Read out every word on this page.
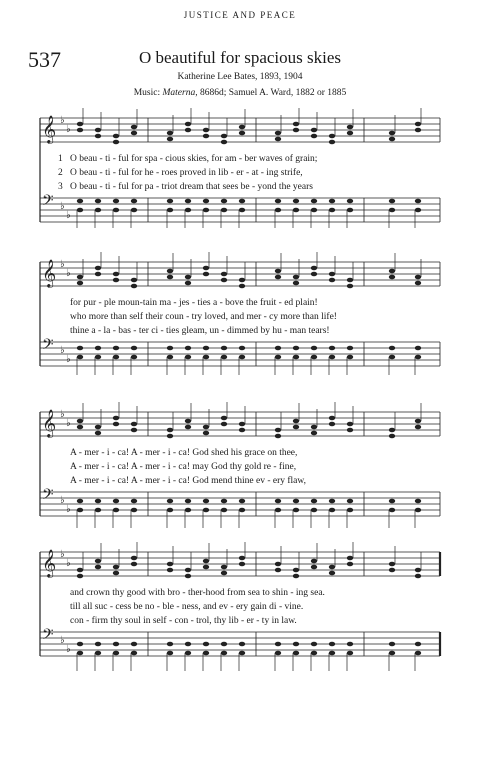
JUSTICE AND PEACE
537	O beautiful for spacious skies
Katherine Lee Bates, 1893, 1904
Music: Materna, 8686d; Samuel A. Ward, 1882 or 1885
𝄞 ♭
♭
𝄢 ♭
♭
1 O beau - ti - ful for spa - cious skies, for am - ber waves of grain;
2 O beau - ti - ful for he - roes proved in lib - er - at - ing strife,
3 O beau - ti - ful for pa - triot dream that sees be - yond the years
𝄞 ♭
♭
𝄢 ♭
♭
for pur - ple moun-tain ma - jes - ties a - bove the fruit - ed plain!
who more than self their coun - try loved, and mer - cy more than life!
thine a - la - bas - ter ci - ties gleam, un - dimmed by hu - man tears!
𝄞 ♭
♭
𝄢 ♭
♭
A - mer - i - ca! A - mer - i - ca! God shed his grace on thee,
A - mer - i - ca! A - mer - i - ca! may God thy gold re - fine,
A - mer - i - ca! A - mer - i - ca! God mend thine ev - ery flaw,
𝄞 ♭
♭
𝄢 ♭
♭
and crown thy good with bro - ther-hood from sea to shin - ing sea.
till all suc - cess be no - ble - ness, and ev - ery gain di - vine.
con - firm thy soul in self - con - trol, thy lib - er - ty in law.
